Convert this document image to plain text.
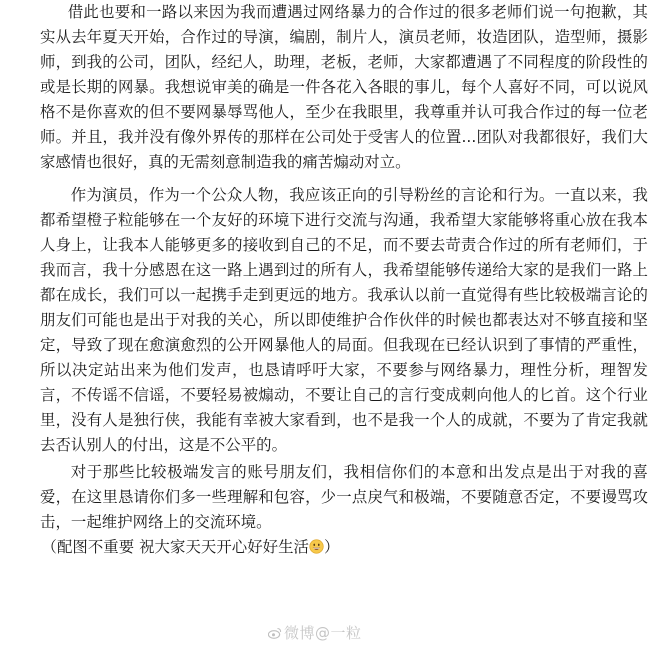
借此也要和一路以来因为我而遭遇过网络暴力的合作过的很多老师们说一句抱歉，其实从去年夏天开始，合作过的导演，编剧，制片人，演员老师，妆造团队，造型师，摄影师，到我的公司，团队，经纪人，助理，老板，老师，大家都遭遇了不同程度的阶段性的或是长期的网暴。我想说审美的确是一件各花入各眼的事儿，每个人喜好不同，可以说风格不是你喜欢的但不要网暴辱骂他人，至少在我眼里，我尊重并认可我合作过的每一位老师。并且，我并没有像外界传的那样在公司处于受害人的位置...团队对我都很好，我们大家感情也很好，真的无需刻意制造我的痛苦煽动对立。

作为演员，作为一个公众人物，我应该正向的引导粉丝的言论和行为。一直以来，我都希望橙子粒能够在一个友好的环境下进行交流与沟通，我希望大家能够将重心放在我本人身上，让我本人能够更多的接收到自己的不足，而不要去苛责合作过的所有老师们，于我而言，我十分感恩在这一路上遇到过的所有人，我希望能够传递给大家的是我们一路上都在成长，我们可以一起携手走到更远的地方。我承认以前一直觉得有些比较极端言论的朋友们可能也是出于对我的关心，所以即使维护合作伙伴的时候也都表达对不够直接和坚定，导致了现在愈演愈烈的公开网暴他人的局面。但我现在已经认识到了事情的严重性，所以决定站出来为他们发声，也恳请呼吁大家，不要参与网络暴力，理性分析，理智发言，不传谣不信谣，不要轻易被煽动，不要让自己的言行变成刺向他人的匕首。这个行业里，没有人是独行侠，我能有幸被大家看到，也不是我一个人的成就，不要为了肯定我就去否认别人的付出，这是不公平的。

对于那些比较极端发言的账号朋友们，我相信你们的本意和出发点是出于对我的喜爱，在这里恳请你们多一些理解和包容，少一点戾气和极端，不要随意否定，不要谩骂攻击，一起维护网络上的交流环境。

（配图不重要 祝大家天天开心好好生活 ）

微博@一粒
